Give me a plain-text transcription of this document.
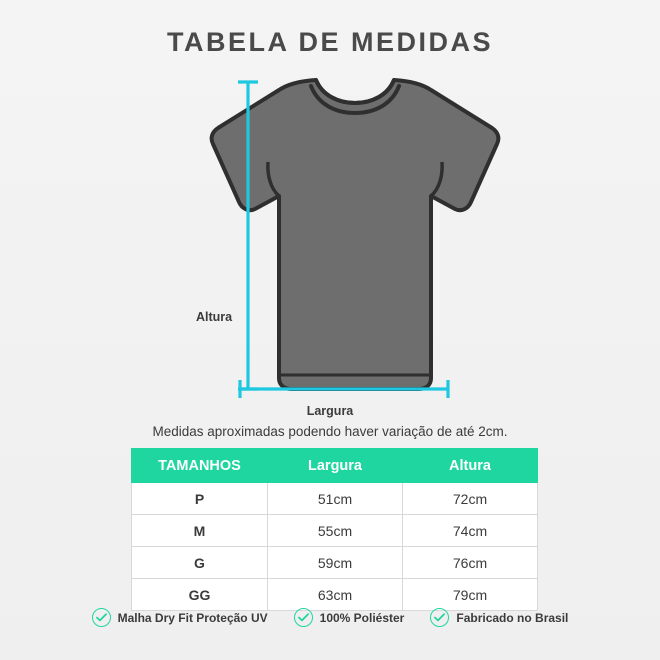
TABELA DE MEDIDAS
Altura
Largura
Medidas aproximadas podendo haver variação de até 2cm.
TAMANHOS	Largura	Altura
P	51cm	72cm
M	55cm	74cm
G	59cm	76cm
GG	63cm	79cm
Malha Dry Fit Proteção UV	100% Poliéster	Fabricado no Brasil
